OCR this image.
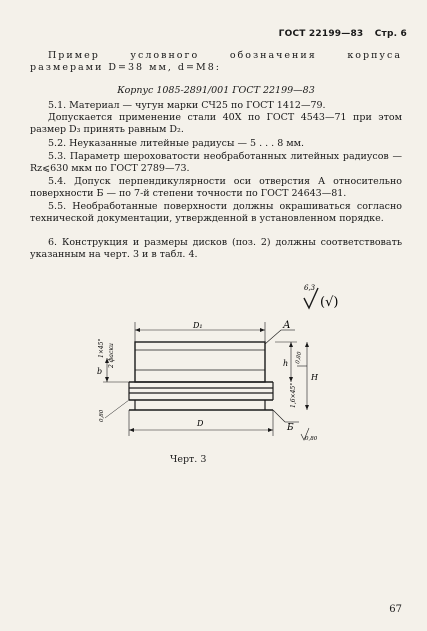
ГОСТ 22199—83 Стр. 6
Пример условного обозначения корпуса размерами D=38 мм, d=M8:
Корпус 1085-2891/001 ГОСТ 22199—83
5.1. Материал — чугун марки СЧ25 по ГОСТ 1412—79.
Допускается применение стали 40Х по ГОСТ 4543—71 при этом размер D₃ принять равным D₂.
5.2. Неуказанные литейные радиусы — 5 . . . 8 мм.
5.3. Параметр шероховатости необработанных литейных радиусов — Rz⩽630 мкм по ГОСТ 2789—73.
5.4. Допуск перпендикулярности оси отверстия А относительно поверхности Б — по 7-й степени точности по ГОСТ 24643—81.
5.5. Необработанные поверхности должны окрашиваться согласно технической документации, утвержденной в установленном порядке.
6. Конструкция и размеры дисков (поз. 2) должны соответствовать указанным на черт. 3 и в табл. 4.
6,3
(√)
D₁	А
0,80
h
H
1,6×45°
b
1×45° 2 фаски
0,80
D	Б
0,80
Черт. 3
67
